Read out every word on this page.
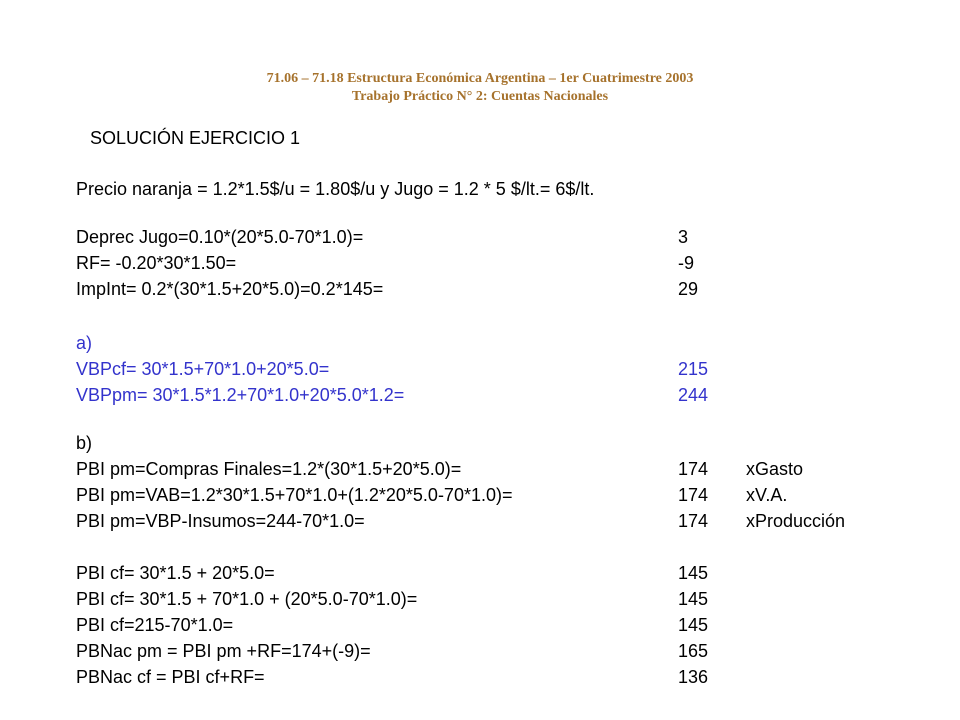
71.06 – 71.18 Estructura Económica Argentina – 1er Cuatrimestre 2003
Trabajo Práctico N° 2: Cuentas Nacionales
SOLUCIÓN EJERCICIO 1
Precio naranja = 1.2*1.5$/u = 1.80$/u y Jugo = 1.2 * 5 $/lt.= 6$/lt.
Deprec Jugo=0.10*(20*5.0-70*1.0)=	3
RF= -0.20*30*1.50=	-9
ImpInt= 0.2*(30*1.5+20*5.0)=0.2*145=	29
a)
VBPcf= 30*1.5+70*1.0+20*5.0=	215
VBPpm= 30*1.5*1.2+70*1.0+20*5.0*1.2=	244
b)
PBI pm=Compras Finales=1.2*(30*1.5+20*5.0)=	174 xGasto
PBI pm=VAB=1.2*30*1.5+70*1.0+(1.2*20*5.0-70*1.0)=	174 xV.A.
PBI pm=VBP-Insumos=244-70*1.0=	174 xProducción
PBI cf= 30*1.5 + 20*5.0=	145
PBI cf= 30*1.5 + 70*1.0 + (20*5.0-70*1.0)=	145
PBI cf=215-70*1.0=	145
PBNac pm = PBI pm +RF=174+(-9)=	165
PBNac cf = PBI cf+RF=	136
